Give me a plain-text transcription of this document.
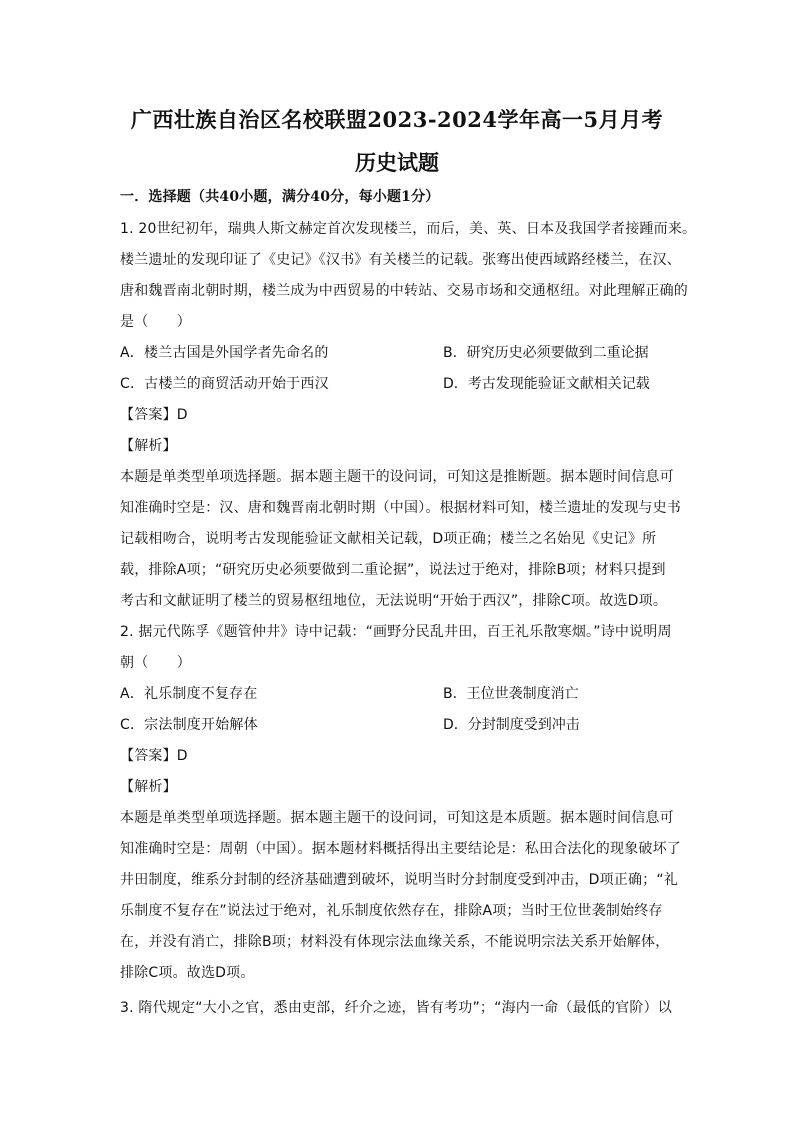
广西壮族自治区名校联盟2023-2024学年高一5月月考
历史试题
一．选择题（共40小题，满分40分，每小题1分）
1. 20世纪初年，瑞典人斯文赫定首次发现楼兰，而后，美、英、日本及我国学者接踵而来。
楼兰遗址的发现印证了《史记》《汉书》有关楼兰的记载。张骞出使西域路经楼兰，在汉、
唐和魏晋南北朝时期，楼兰成为中西贸易的中转站、交易市场和交通枢纽。对此理解正确的
是（　　）
A．楼兰古国是外国学者先命名的	B．研究历史必须要做到二重论据
C．古楼兰的商贸活动开始于西汉	D．考古发现能验证文献相关记载
【答案】D
【解析】
本题是单类型单项选择题。据本题主题干的设问词，可知这是推断题。据本题时间信息可
知准确时空是：汉、唐和魏晋南北朝时期（中国）。根据材料可知，楼兰遗址的发现与史书
记载相吻合，说明考古发现能验证文献相关记载，D项正确；楼兰之名始见《史记》所
载，排除A项；“研究历史必须要做到二重论据”，说法过于绝对，排除B项；材料只提到
考古和文献证明了楼兰的贸易枢纽地位，无法说明“开始于西汉”，排除C项。故选D项。
2. 据元代陈孚《题管仲井》诗中记载：“画野分民乱井田，百王礼乐散寒烟。”诗中说明周
朝（　　）
A．礼乐制度不复存在	B．王位世袭制度消亡
C．宗法制度开始解体	D．分封制度受到冲击
【答案】D
【解析】
本题是单类型单项选择题。据本题主题干的设问词，可知这是本质题。据本题时间信息可
知准确时空是：周朝（中国）。据本题材料概括得出主要结论是：私田合法化的现象破坏了
井田制度，维系分封制的经济基础遭到破坏，说明当时分封制度受到冲击，D项正确；“礼
乐制度不复存在”说法过于绝对，礼乐制度依然存在，排除A项；当时王位世袭制始终存
在，并没有消亡，排除B项；材料没有体现宗法血缘关系，不能说明宗法关系开始解体，
排除C项。故选D项。
3. 隋代规定“大小之官，悉由吏部，纤介之迹，皆有考功”；“海内一命（最低的官阶）以
